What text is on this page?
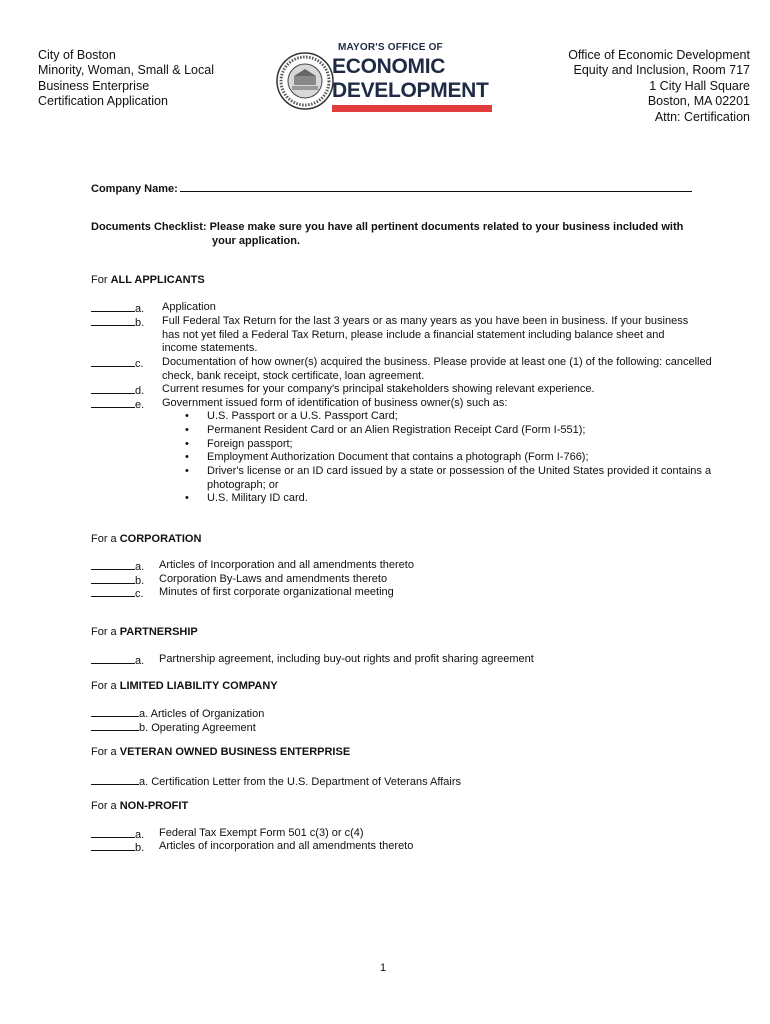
City of Boston
Minority, Woman, Small & Local
Business Enterprise
Certification Application
MAYOR'S OFFICE OF
ECONOMIC
DEVELOPMENT
Office of Economic Development
Equity and Inclusion, Room 717
1 City Hall Square
Boston, MA 02201
Attn: Certification
Company Name:
Documents Checklist: Please make sure you have all pertinent documents related to your business included with
your application.
For ALL APPLICANTS
a. Application
b. Full Federal Tax Return for the last 3 years or as many years as you have been in business. If your business
has not yet filed a Federal Tax Return, please include a financial statement including balance sheet and
income statements.
c. Documentation of how owner(s) acquired the business. Please provide at least one (1) of the following: cancelled
check, bank receipt, stock certificate, loan agreement.
d. Current resumes for your company's principal stakeholders showing relevant experience.
e. Government issued form of identification of business owner(s) such as:
• U.S. Passport or a U.S. Passport Card;
• Permanent Resident Card or an Alien Registration Receipt Card (Form I-551);
• Foreign passport;
• Employment Authorization Document that contains a photograph (Form I-766);
• Driver's license or an ID card issued by a state or possession of the United States provided it contains a
photograph; or
• U.S. Military ID card.
For a CORPORATION
a. Articles of Incorporation and all amendments thereto
b. Corporation By-Laws and amendments thereto
c. Minutes of first corporate organizational meeting
For a PARTNERSHIP
a. Partnership agreement, including buy-out rights and profit sharing agreement
For a LIMITED LIABILITY COMPANY
a. Articles of Organization
b. Operating Agreement
For a VETERAN OWNED BUSINESS ENTERPRISE
a. Certification Letter from the U.S. Department of Veterans Affairs
For a NON-PROFIT
a. Federal Tax Exempt Form 501 c(3) or c(4)
b. Articles of incorporation and all amendments thereto
1
